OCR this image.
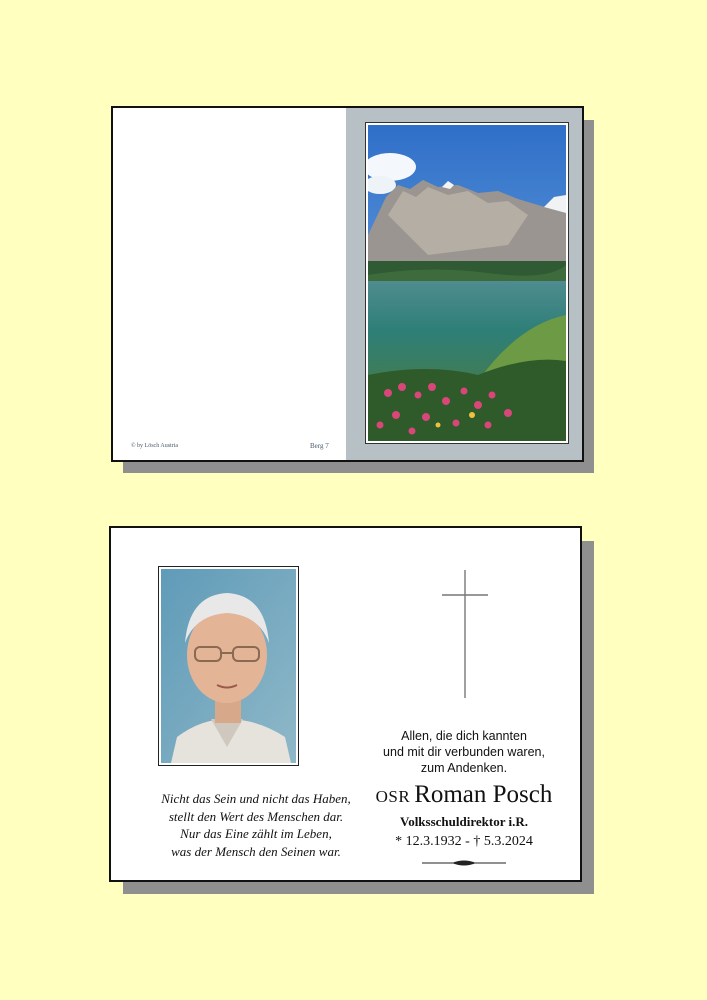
© by Lösch Austria	Berg 7
Nicht das Sein und nicht das Haben,
stellt den Wert des Menschen dar.
Nur das Eine zählt im Leben,
was der Mensch den Seinen war.
Allen, die dich kannten
und mit dir verbunden waren,
zum Andenken.
OSR Roman Posch
Volksschuldirektor i.R.
* 12.3.1932 - † 5.3.2024
